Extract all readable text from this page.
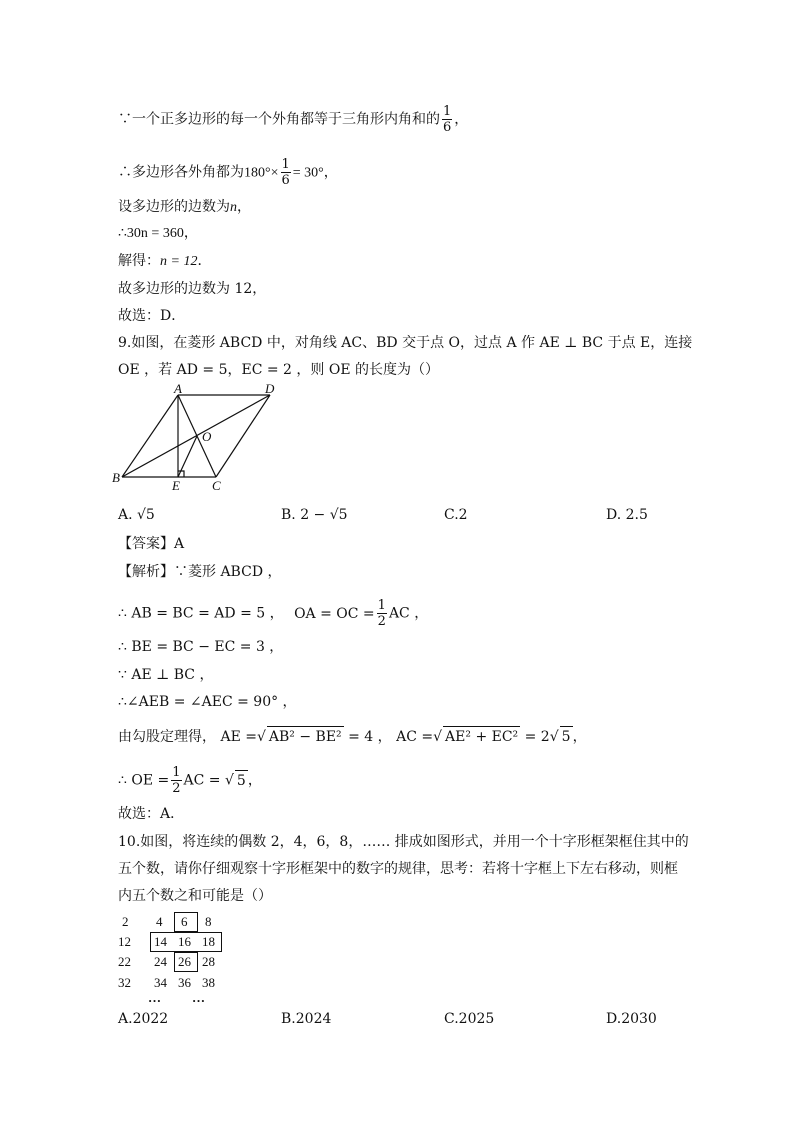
∵一个正多边形的每一个外角都等于三角形内角和的 $\frac{1}{6}$ ，
∴多边形各外角都为$180^\circ\times \frac{1}{6} = 30^\circ$，
设多边形的边数为n，
∴30n = 360，
解得：n = 12．
故多边形的边数为 12，
故选：D．
9.如图，在菱形 ABCD 中，对角线 AC、BD 交于点 O，过点 A 作 AE ⊥ BC 于点 E，连接
OE ，若 AD = 5，EC = 2 ，则 OE 的长度为（）
A	D
O
B
E C
A. √5	B. 2 − √5	C.2	D. 2.5
【答案】A
【解析】∵菱形 ABCD ，
∴ AB = BC = AD = 5 ， OA = OC = $\frac{1}{2}$ AC ，
∴ BE = BC − EC = 3 ，
∵ AE ⊥ BC ，
∴∠AEB = ∠AEC = 90° ，
由勾股定理得， AE =√ AB² − BE² = 4 ， AC =√ AE² + EC² = 2√ 5 ，
∴ OE = $\frac{1}{2}$ AC = √ 5 ，
故选：A．
10.如图，将连续的偶数 2，4，6，8，…… 排成如图形式，并用一个十字形框架框住其中的
五个数，请你仔细观察十字形框架中的数字的规律，思考：若将十字框上下左右移动，则框
内五个数之和可能是（）
2 4 6 8
12 14 16 18
22 24 26 28
32 34 36 38
… …
A.2022	B.2024	C.2025	D.2030
